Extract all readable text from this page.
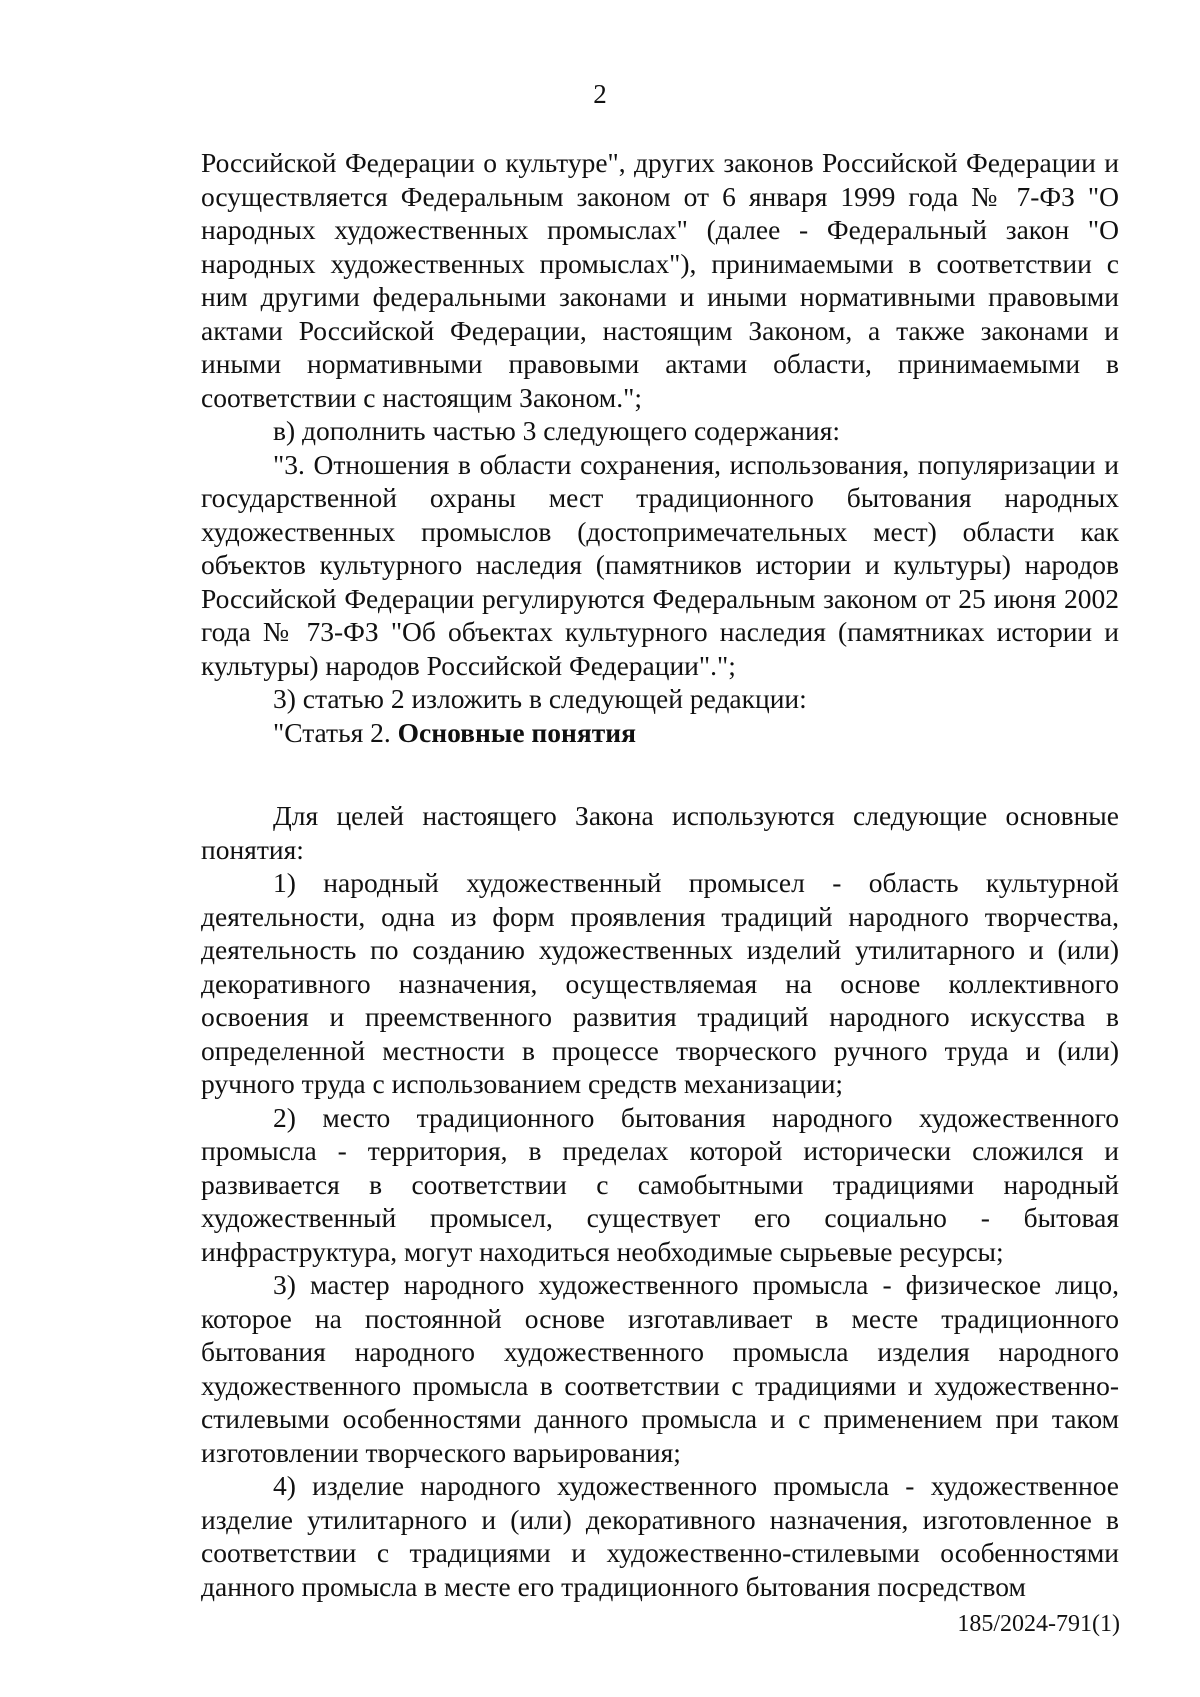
2

Российской Федерации о культуре", других законов Российской Федерации и осуществляется Федеральным законом от 6 января 1999 года № 7-ФЗ "О народных художественных промыслах" (далее - Федеральный закон "О народных художественных промыслах"), принимаемыми в соответствии с ним другими федеральными законами и иными нормативными правовыми актами Российской Федерации, настоящим Законом, а также законами и иными нормативными правовыми актами области, принимаемыми в соответствии с настоящим Законом.";

в) дополнить частью 3 следующего содержания:

"3. Отношения в области сохранения, использования, популяризации и государственной охраны мест традиционного бытования народных художественных промыслов (достопримечательных мест) области как объектов культурного наследия (памятников истории и культуры) народов Российской Федерации регулируются Федеральным законом от 25 июня 2002 года № 73-ФЗ "Об объектах культурного наследия (памятниках истории и культуры) народов Российской Федерации".";

3) статью 2 изложить в следующей редакции:

"Статья 2. Основные понятия

Для целей настоящего Закона используются следующие основные понятия:

1) народный художественный промысел - область культурной деятельности, одна из форм проявления традиций народного творчества, деятельность по созданию художественных изделий утилитарного и (или) декоративного назначения, осуществляемая на основе коллективного освоения и преемственного развития традиций народного искусства в определенной местности в процессе творческого ручного труда и (или) ручного труда с использованием средств механизации;

2) место традиционного бытования народного художественного промысла - территория, в пределах которой исторически сложился и развивается в соответствии с самобытными традициями народный художественный промысел, существует его социально - бытовая инфраструктура, могут находиться необходимые сырьевые ресурсы;

3) мастер народного художественного промысла - физическое лицо, которое на постоянной основе изготавливает в месте традиционного бытования народного художественного промысла изделия народного художественного промысла в соответствии с традициями и художественно-стилевыми особенностями данного промысла и с применением при таком изготовлении творческого варьирования;

4) изделие народного художественного промысла - художественное изделие утилитарного и (или) декоративного назначения, изготовленное в соответствии с традициями и художественно-стилевыми особенностями данного промысла в месте его традиционного бытования посредством

185/2024-791(1)
